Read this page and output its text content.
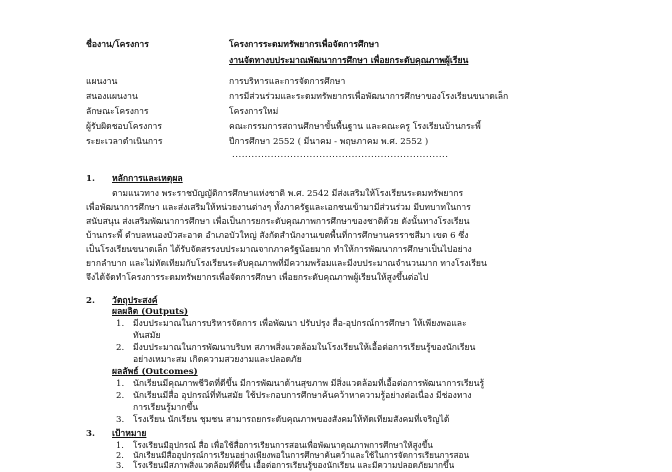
ชื่องาน/โครงการ	โครงการระดมทรัพยากรเพื่อจัดการศึกษา
งานจัดทางบประมาณพัฒนาการศึกษา เพื่อยกระดับคุณภาพผู้เรียน
แผนงาน	การบริหารและการจัดการศึกษา
สนองแผนงาน	การมีส่วนร่วมและระดมทรัพยากรเพื่อพัฒนาการศึกษาของโรงเรียนขนาดเล็ก
ลักษณะโครงการ	โครงการใหม่
ผู้รับผิดชอบโครงการ	คณะกรรมการสถานศึกษาขั้นพื้นฐาน และคณะครู โรงเรียนบ้านกระพี้
ระยะเวลาดำเนินการ	ปีการศึกษา 2552 ( มีนาคม - พฤษภาคม พ.ศ. 2552 )
...................................................................
1. หลักการและเหตุผล
ตามแนวทาง พระราชบัญญัติการศึกษาแห่งชาติ พ.ศ. 2542 มีส่งเสริมให้โรงเรียนระดมทรัพยากร
เพื่อพัฒนาการศึกษา และส่งเสริมให้หน่วยงานต่างๆ ทั้งภาครัฐและเอกชนเข้ามามีส่วนร่วม มีบทบาทในการ
สนับสนุน ส่งเสริมพัฒนาการศึกษา เพื่อเป็นการยกระดับคุณภาพการศึกษาของชาติด้วย ดังนั้นทางโรงเรียน
บ้านกระพี้ ตำบลหนองบัวสะอาด อำเภอบัวใหญ่ สังกัดสำนักงานเขตพื้นที่การศึกษานครราชสีมา เขต 6 ซึ่ง
เป็นโรงเรียนขนาดเล็ก ได้รับจัดสรรงบประมาณจากภาครัฐน้อยมาก ทำให้การพัฒนาการศึกษาเป็นไปอย่าง
ยากลำบาก และไม่ทัดเทียมกับโรงเรียนระดับคุณภาพที่มีความพร้อมและมีงบประมาณจำนวนมาก ทางโรงเรียน
จึงได้จัดทำโครงการระดมทรัพยากรเพื่อจัดการศึกษา เพื่อยกระดับคุณภาพผู้เรียนให้สูงขึ้นต่อไป
2. วัตถุประสงค์
ผลผลิต (Outputs)
1. มีงบประมาณในการบริหารจัดการ เพื่อพัฒนา ปรับปรุง สื่อ-อุปกรณ์การศึกษา ให้เพียงพอและ
ทันสมัย
2. มีงบประมาณในการพัฒนาบริบท สภาพสิ่งแวดล้อมในโรงเรียนให้เอื้อต่อการเรียนรู้ของนักเรียน
อย่างเหมาะสม เกิดความสวยงามและปลอดภัย
ผลลัพธ์ (Outcomes)
1. นักเรียนมีคุณภาพชีวิตที่ดีขึ้น มีการพัฒนาด้านสุขภาพ มีสิ่งแวดล้อมที่เอื้อต่อการพัฒนาการเรียนรู้
2. นักเรียนมีสื่อ อุปกรณ์ที่ทันสมัย ใช้ประกอบการศึกษาค้นคว้าหาความรู้อย่างต่อเนื่อง มีช่องทาง
การเรียนรู้มากขึ้น
3. โรงเรียน นักเรียน ชุมชน สามารถยกระดับคุณภาพของสังคมให้ทัดเทียมสังคมที่เจริญได้
3. เป้าหมาย
1. โรงเรียนมีอุปกรณ์ สื่อ เพื่อใช้สื่อการเรียนการสอนเพื่อพัฒนาคุณภาพการศึกษาให้สูงขึ้น
2. นักเรียนมีสื่ออุปกรณ์การเรียนอย่างเพียงพอในการศึกษาค้นคว้าและใช้ในการจัดการเรียนการสอน
3. โรงเรียนมีสภาพสิ่งแวดล้อมที่ดีขึ้น เอื้อต่อการเรียนรู้ของนักเรียน และมีความปลอดภัยมากขึ้น
